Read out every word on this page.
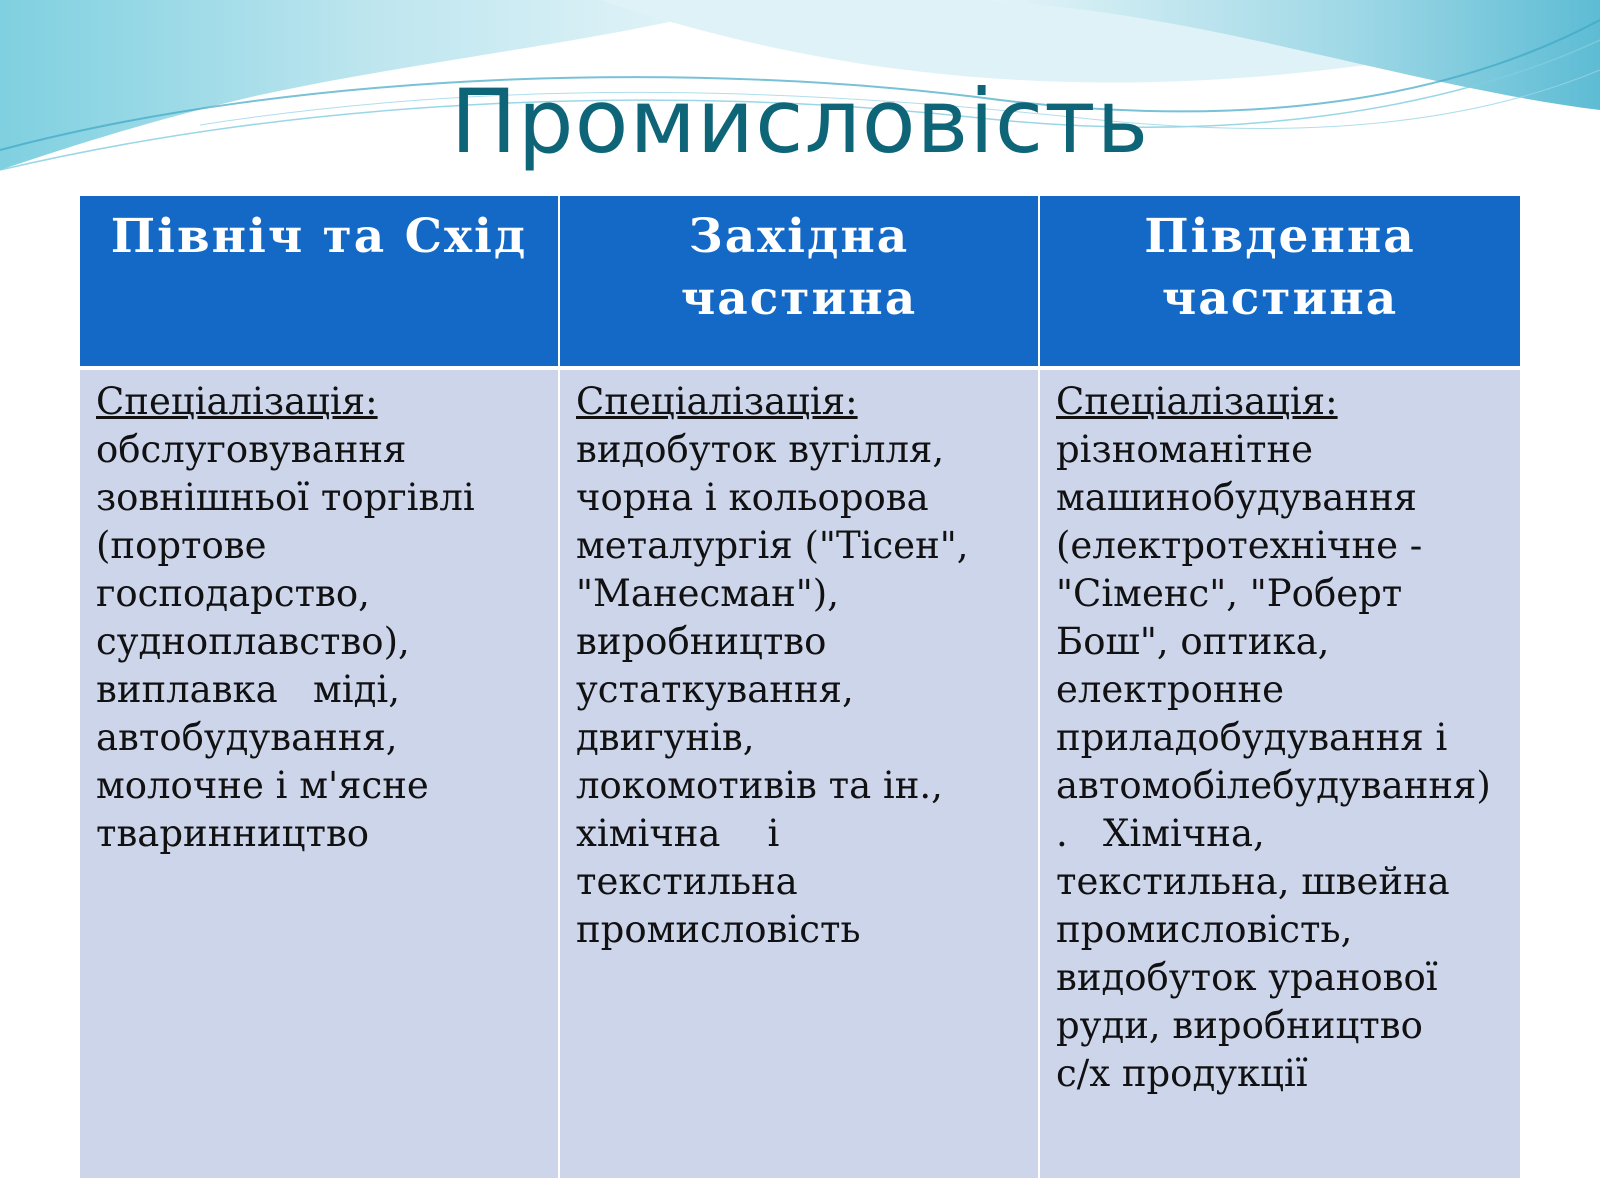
Промисловість
Північ та Схід	Західна
частина
Південна
частина
Спеціалізація:
обслуговування
зовнішньої торгівлі
(портове
господарство,
судноплавство),
виплавка   міді,
автобудування,
молочне і м'ясне
тваринництво
Спеціалізація:
видобуток вугілля,
чорна і кольорова
металургія ("Тісен",
"Манесман"),
виробництво
устаткування,
двигунів,
локомотивів та ін.,
хімічна    і
текстильна
промисловість
Спеціалізація:
різноманітне
машинобудування
(електротехнічне -
"Сіменс", "Роберт
Бош", оптика,
електронне
приладобудування і
автомобілебудування)
.   Хімічна,
текстильна, швейна
промисловість,
видобуток уранової
руди, виробництво
с/х продукції
